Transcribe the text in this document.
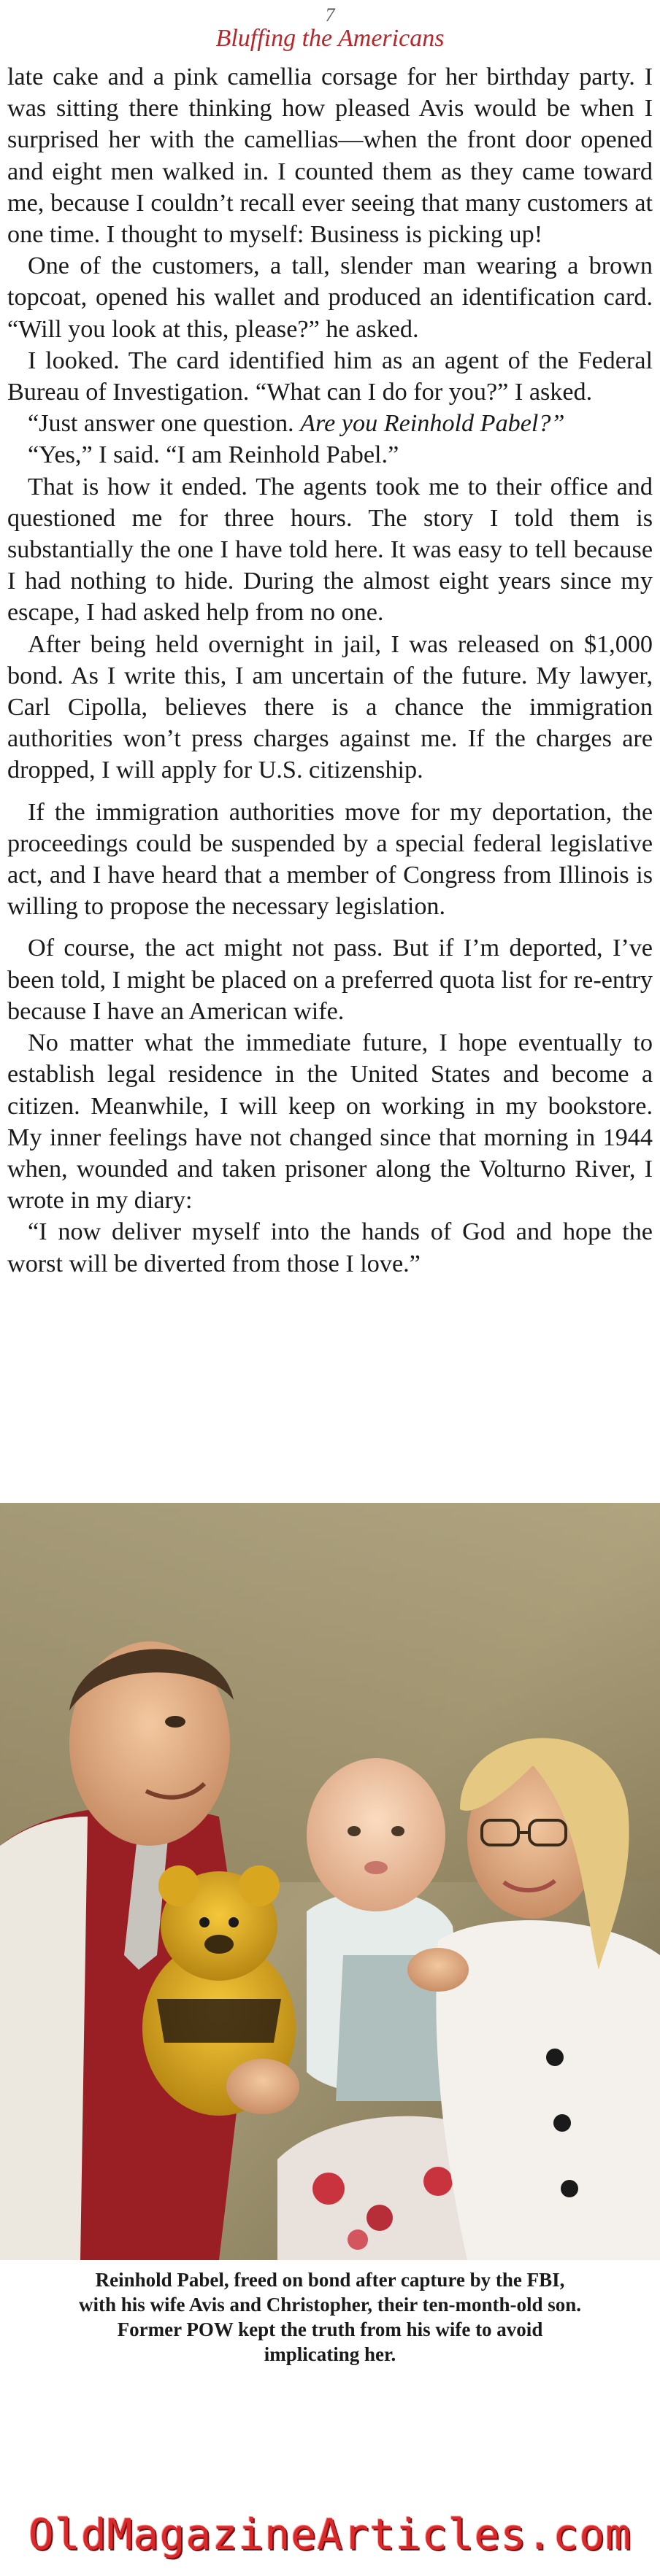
7
Bluffing the Americans

late cake and a pink camellia corsage for her birthday party. I was sitting there thinking how pleased Avis would be when I surprised her with the camellias—when the front door opened and eight men walked in. I counted them as they came toward me, because I couldn’t recall ever seeing that many customers at one time. I thought to myself: Business is picking up!

One of the customers, a tall, slender man wearing a brown topcoat, opened his wallet and produced an identification card. “Will you look at this, please?” he asked.

I looked. The card identified him as an agent of the Federal Bureau of Investigation. “What can I do for you?” I asked.

“Just answer one question. Are you Reinhold Pabel?”

“Yes,” I said. “I am Reinhold Pabel.”

That is how it ended. The agents took me to their office and questioned me for three hours. The story I told them is substantially the one I have told here. It was easy to tell because I had nothing to hide. During the almost eight years since my escape, I had asked help from no one.

After being held overnight in jail, I was released on $1,000 bond. As I write this, I am uncertain of the future. My lawyer, Carl Cipolla, believes there is a chance the immigration authorities won’t press charges against me. If the charges are dropped, I will apply for U.S. citizenship.

If the immigration authorities move for my deportation, the proceedings could be suspended by a special federal legislative act, and I have heard that a member of Congress from Illinois is willing to propose the necessary legislation.

Of course, the act might not pass. But if I’m deported, I’ve been told, I might be placed on a preferred quota list for re-entry because I have an American wife.

No matter what the immediate future, I hope eventually to establish legal residence in the United States and become a citizen. Meanwhile, I will keep on working in my bookstore. My inner feelings have not changed since that morning in 1944 when, wounded and taken prisoner along the Volturno River, I wrote in my diary:

“I now deliver myself into the hands of God and hope the worst will be diverted from those I love.”

Reinhold Pabel, freed on bond after capture by the FBI,
with his wife Avis and Christopher, their ten-month-old son.
Former POW kept the truth from his wife to avoid
implicating her.
OldMagazineArticles.com
